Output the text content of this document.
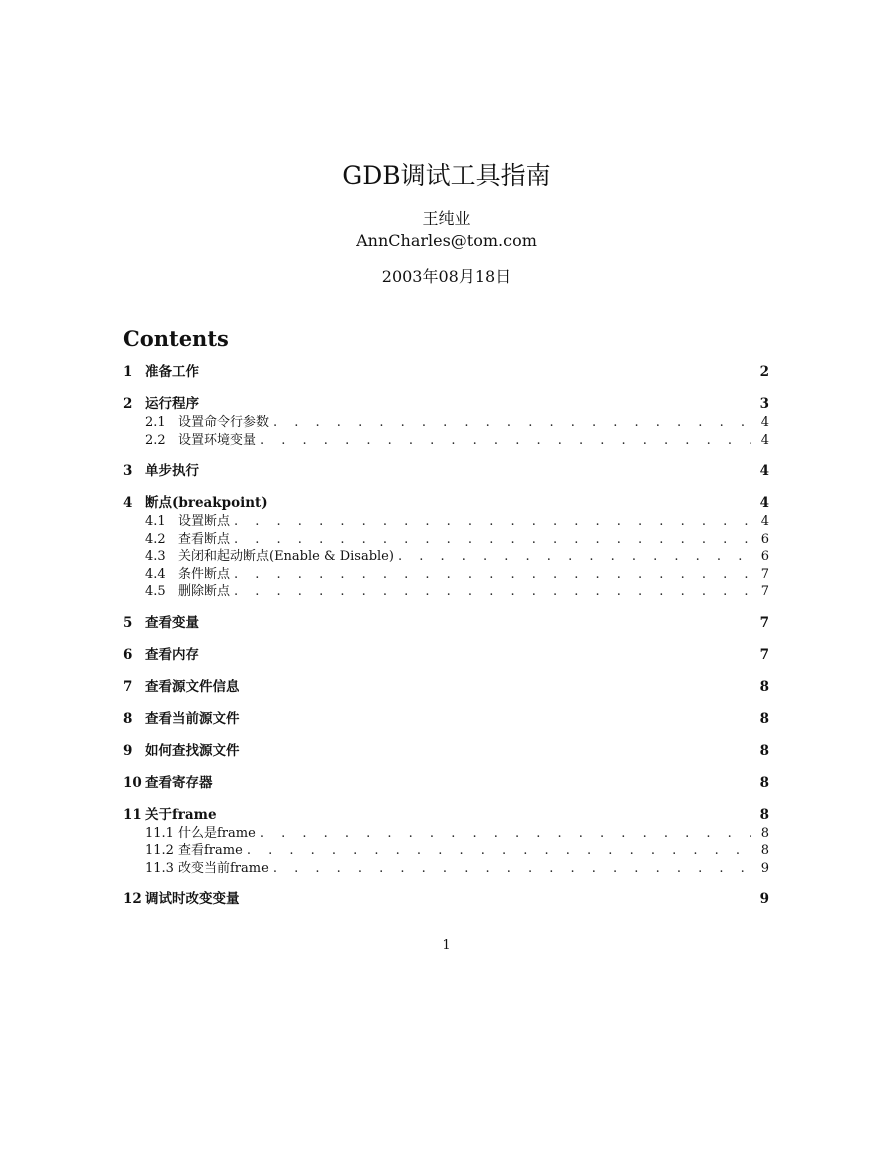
GDB调试工具指南
王纯业
AnnCharles@tom.com
2003年08月18日
Contents
1 准备工作	2
2 运行程序	3
2.1 设置命令行参数 . . .	4
2.2 设置环境变量 . . .	4
3 单步执行	4
4 断点(breakpoint)	4
4.1 设置断点 . . .	4
4.2 查看断点 . . .	6
4.3 关闭和起动断点(Enable & Disable) . . .	6
4.4 条件断点 . . .	7
4.5 删除断点 . . .	7
5 查看变量	7
6 查看内存	7
7 查看源文件信息	8
8 查看当前源文件	8
9 如何查找源文件	8
10 查看寄存器	8
11 关于frame	8
11.1 什么是frame . . .	8
11.2 查看frame . . .	8
11.3 改变当前frame . . .	9
12 调试时改变变量	9
1
